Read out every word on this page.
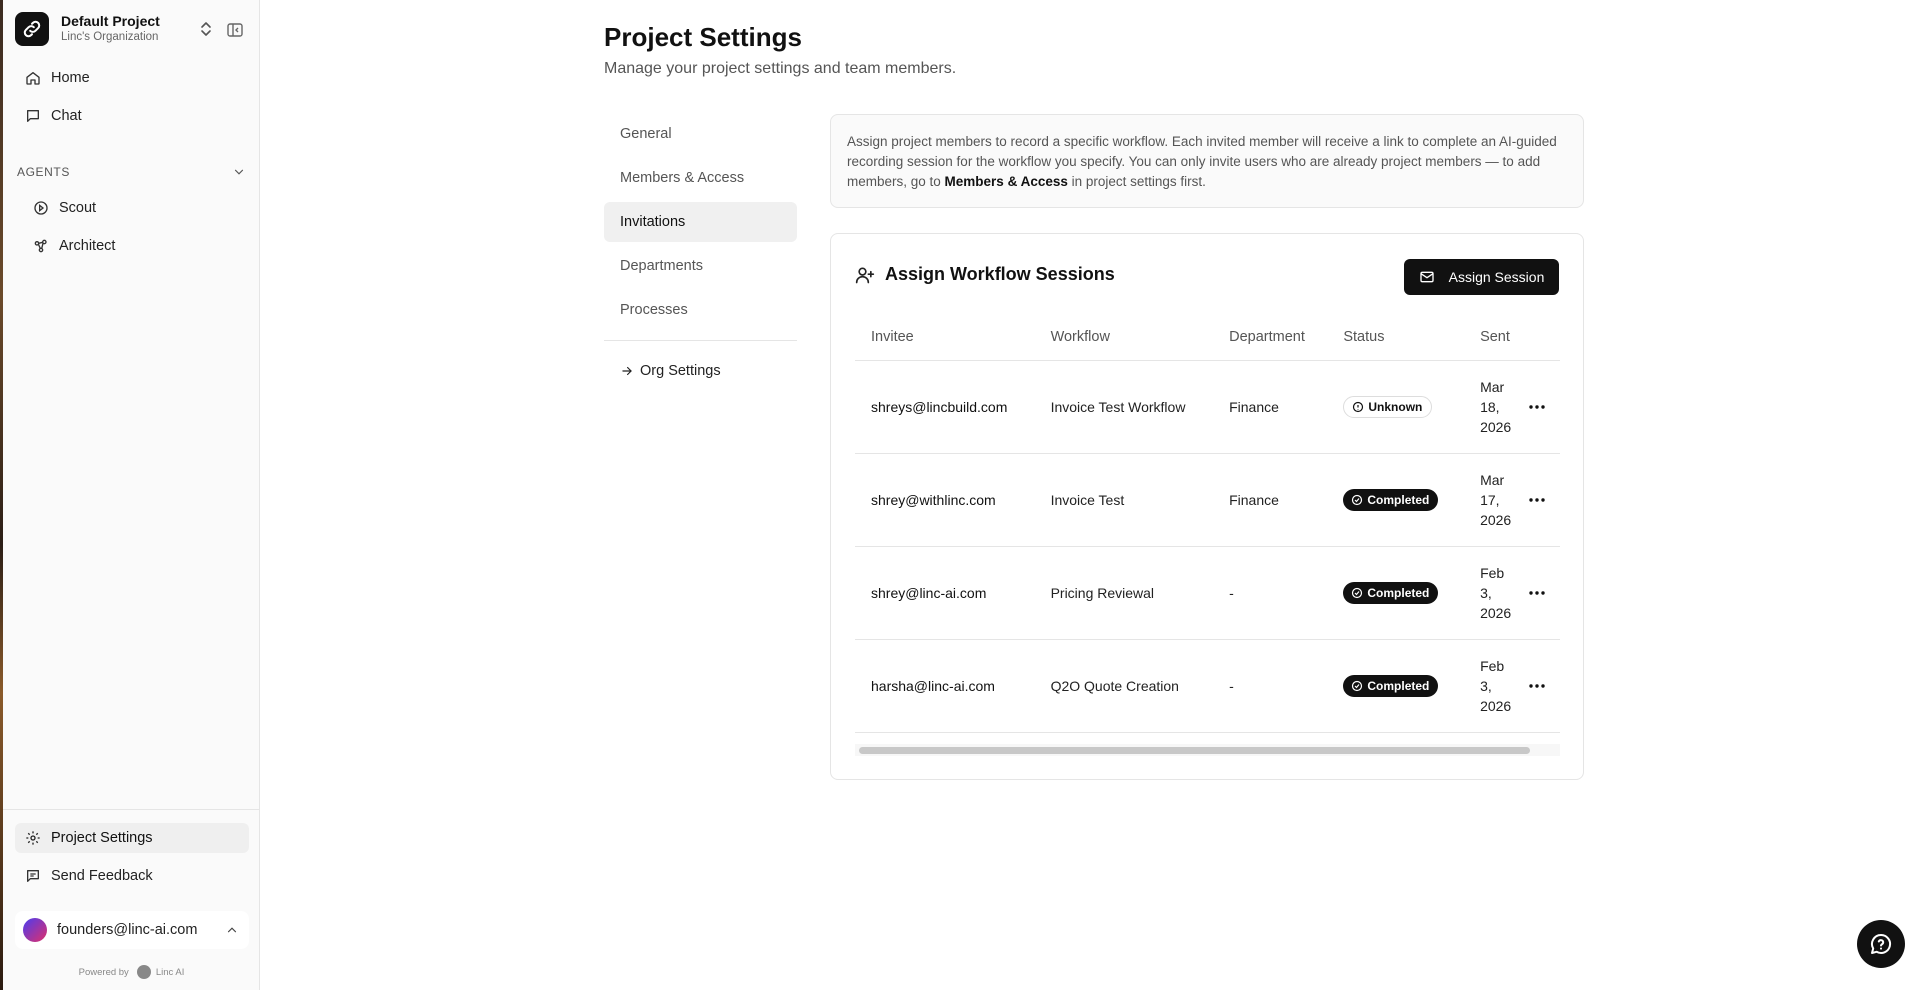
Default Project
Linc's Organization
Home
Chat
AGENTS
Scout
Architect
Project Settings
Send Feedback
founders@linc-ai.com
Powered by	Linc AI
Project Settings

Manage your project settings and team members.

General
Members & Access
Invitations
Departments
Processes
Org Settings
Assign project members to record a specific workflow. Each invited member will receive a link to complete an AI-guided recording session for the workflow you specify. You can only invite users who are already project members — to add members, go to Members & Access in project settings first.
Assign Workflow Sessions	Assign Session
Invitee	Workflow	Department	Status	Sent	
shreys@lincbuild.com	Invoice Test Workflow	Finance	Unknown	Mar
18,
2026

shrey@withlinc.com	Invoice Test	Finance	Completed	Mar
17,
2026

shrey@linc-ai.com	Pricing Reviewal	-	Completed	Feb
3,
2026

harsha@linc-ai.com	Q2O Quote Creation	-	Completed	Feb
3,
2026
